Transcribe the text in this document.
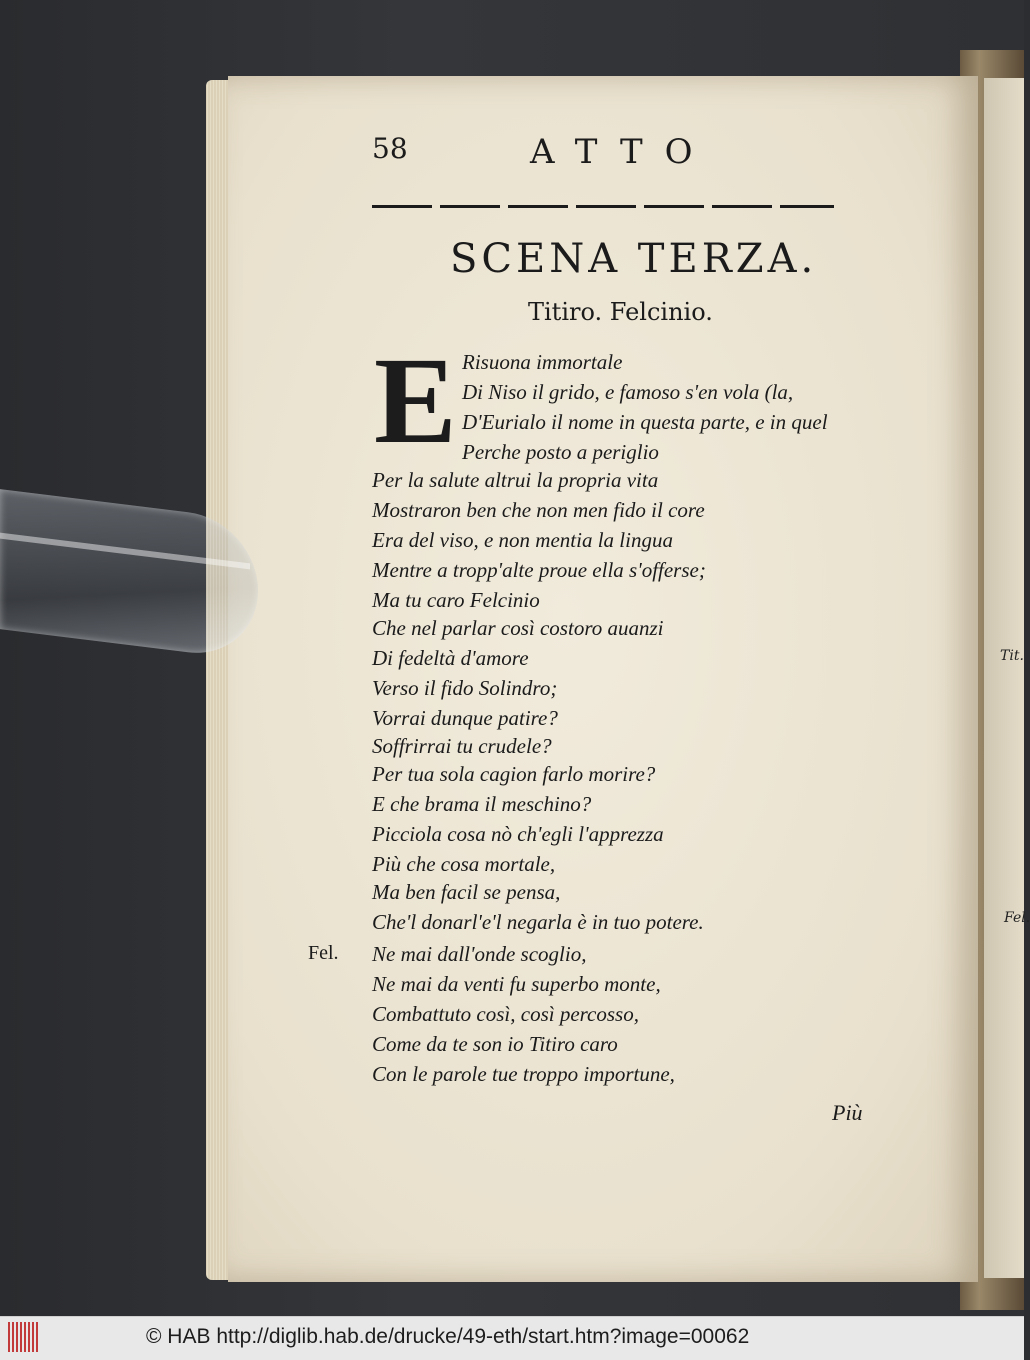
Tit.
Fel.
58	ATTO
SCENA TERZA.
Titiro. Felcinio.
E Risuona immortale
Di Niso il grido, e famoso s'en vola (la,
D'Eurialo il nome in questa parte, e in quel
Perche posto a periglio
Per la salute altrui la propria vita
Mostraron ben che non men fido il core
Era del viso, e non mentia la lingua
Mentre a tropp'alte proue ella s'offerse;
Ma tu caro Felcinio
Che nel parlar così costoro auanzi
Di fedeltà d'amore
Verso il fido Solindro;
Vorrai dunque patire?
Soffrirrai tu crudele?
Per tua sola cagion farlo morire?
E che brama il meschino?
Picciola cosa nò ch'egli l'apprezza
Più che cosa mortale,
Ma ben facil se pensa,
Che'l donarl'e'l negarla è in tuo potere.
Ne mai dall'onde scoglio,
Ne mai da venti fu superbo monte,
Combattuto così, così percosso,
Come da te son io Titiro caro
Con le parole tue troppo importune,
Fel.
Più
© HAB http://diglib.hab.de/drucke/49-eth/start.htm?image=00062
